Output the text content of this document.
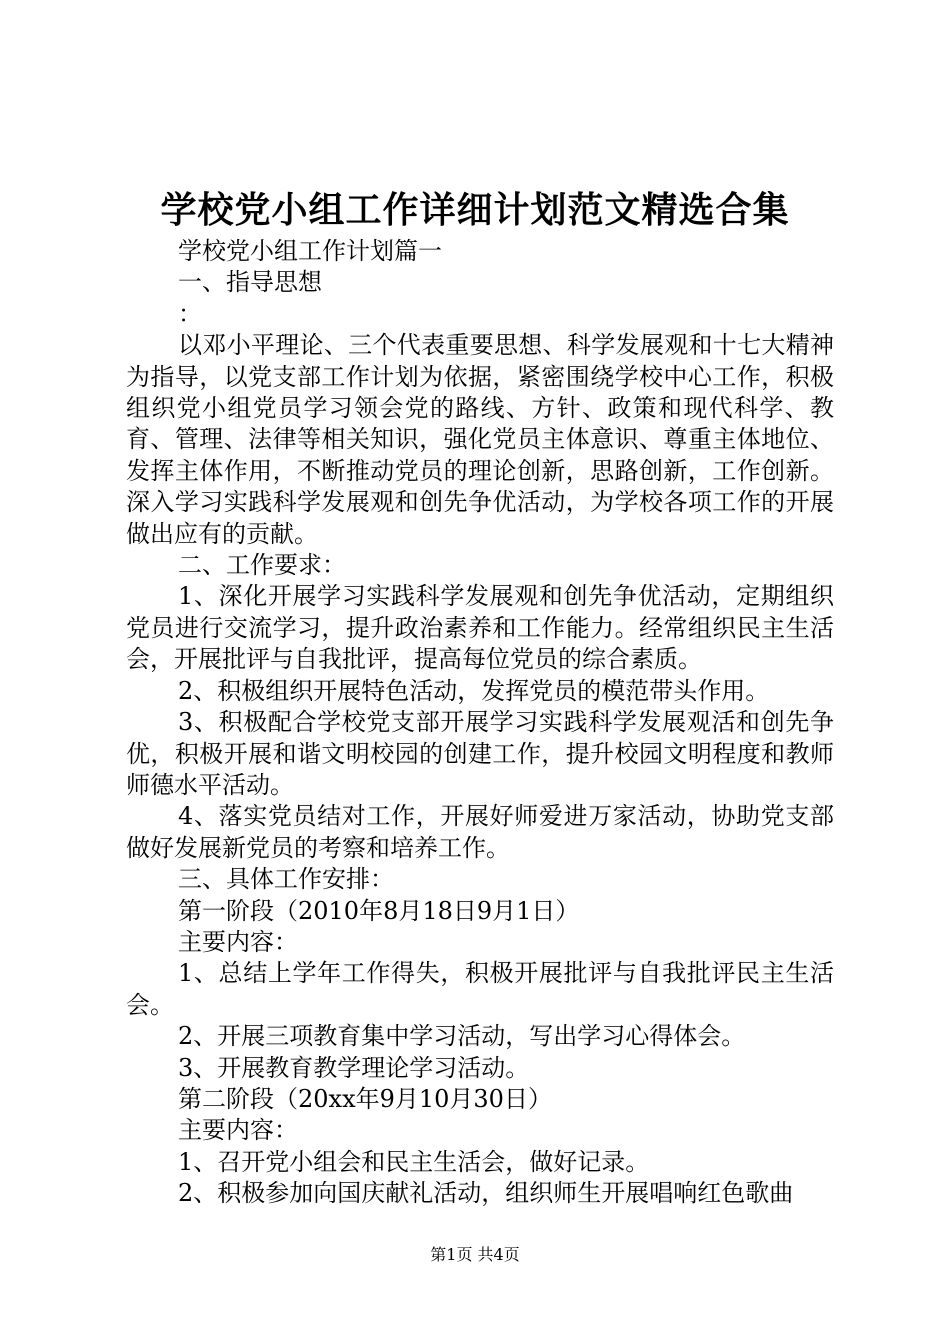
学校党小组工作详细计划范文精选合集

学校党小组工作计划篇一

一、指导思想

：

以邓小平理论、三个代表重要思想、科学发展观和十七大精神为指导，以党支部工作计划为依据，紧密围绕学校中心工作，积极组织党小组党员学习领会党的路线、方针、政策和现代科学、教育、管理、法律等相关知识，强化党员主体意识、尊重主体地位、发挥主体作用，不断推动党员的理论创新，思路创新，工作创新。深入学习实践科学发展观和创先争优活动，为学校各项工作的开展做出应有的贡献。

二、工作要求：

1、深化开展学习实践科学发展观和创先争优活动，定期组织党员进行交流学习，提升政治素养和工作能力。经常组织民主生活会，开展批评与自我批评，提高每位党员的综合素质。

2、积极组织开展特色活动，发挥党员的模范带头作用。

3、积极配合学校党支部开展学习实践科学发展观活和创先争优，积极开展和谐文明校园的创建工作，提升校园文明程度和教师师德水平活动。

4、落实党员结对工作，开展好师爱进万家活动，协助党支部做好发展新党员的考察和培养工作。

三、具体工作安排：

第一阶段（2010年8月18日9月1日）

主要内容：

1、总结上学年工作得失，积极开展批评与自我批评民主生活会。

2、开展三项教育集中学习活动，写出学习心得体会。

3、开展教育教学理论学习活动。

第二阶段（20xx年9月10月30日）

主要内容：

1、召开党小组会和民主生活会，做好记录。

2、积极参加向国庆献礼活动，组织师生开展唱响红色歌曲

第1页 共4页
